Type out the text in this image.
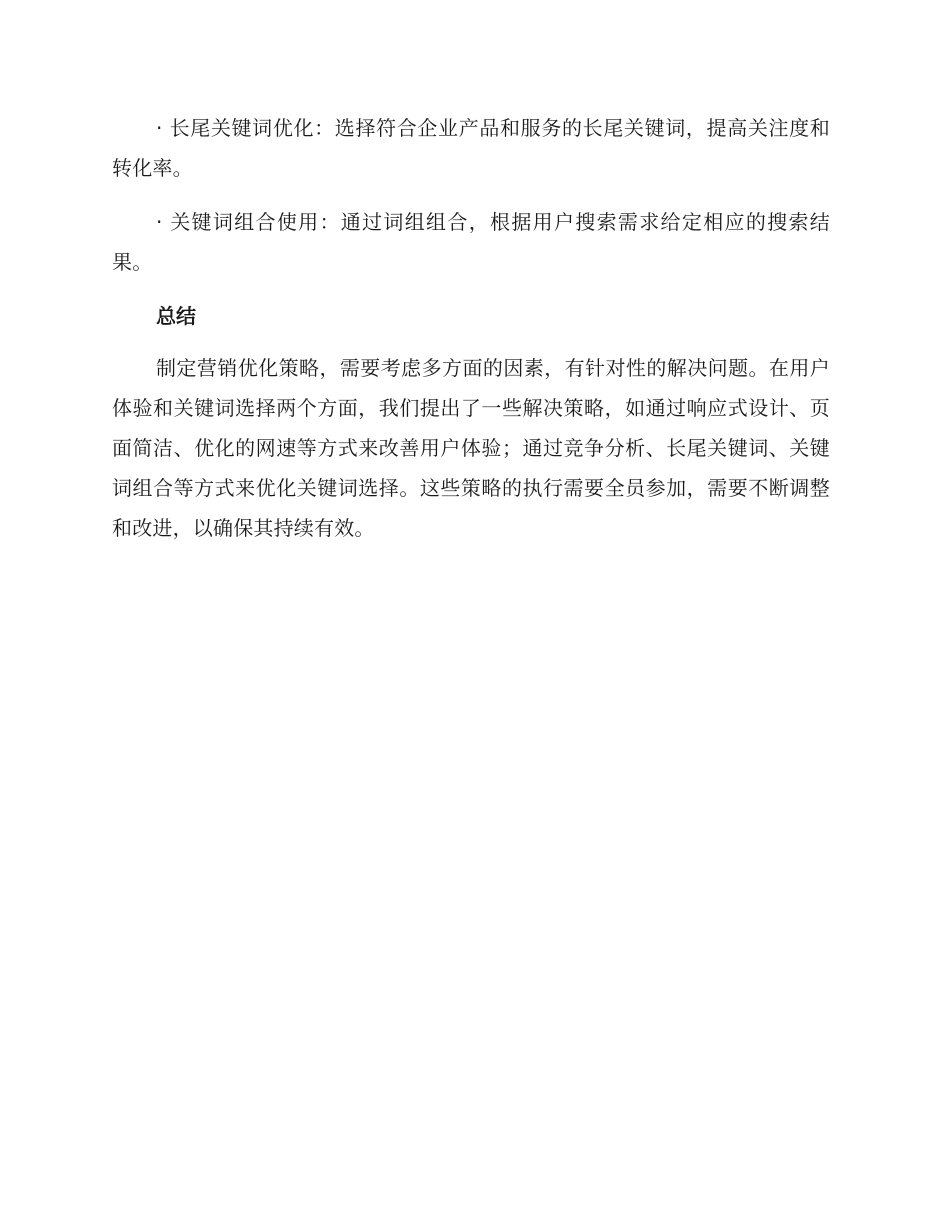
· 长尾关键词优化：选择符合企业产品和服务的长尾关键词，提高关注度和转化率。

· 关键词组合使用：通过词组组合，根据用户搜索需求给定相应的搜索结果。

总结

制定营销优化策略，需要考虑多方面的因素，有针对性的解决问题。在用户体验和关键词选择两个方面，我们提出了一些解决策略，如通过响应式设计、页面简洁、优化的网速等方式来改善用户体验；通过竞争分析、长尾关键词、关键词组合等方式来优化关键词选择。这些策略的执行需要全员参加，需要不断调整和改进，以确保其持续有效。
